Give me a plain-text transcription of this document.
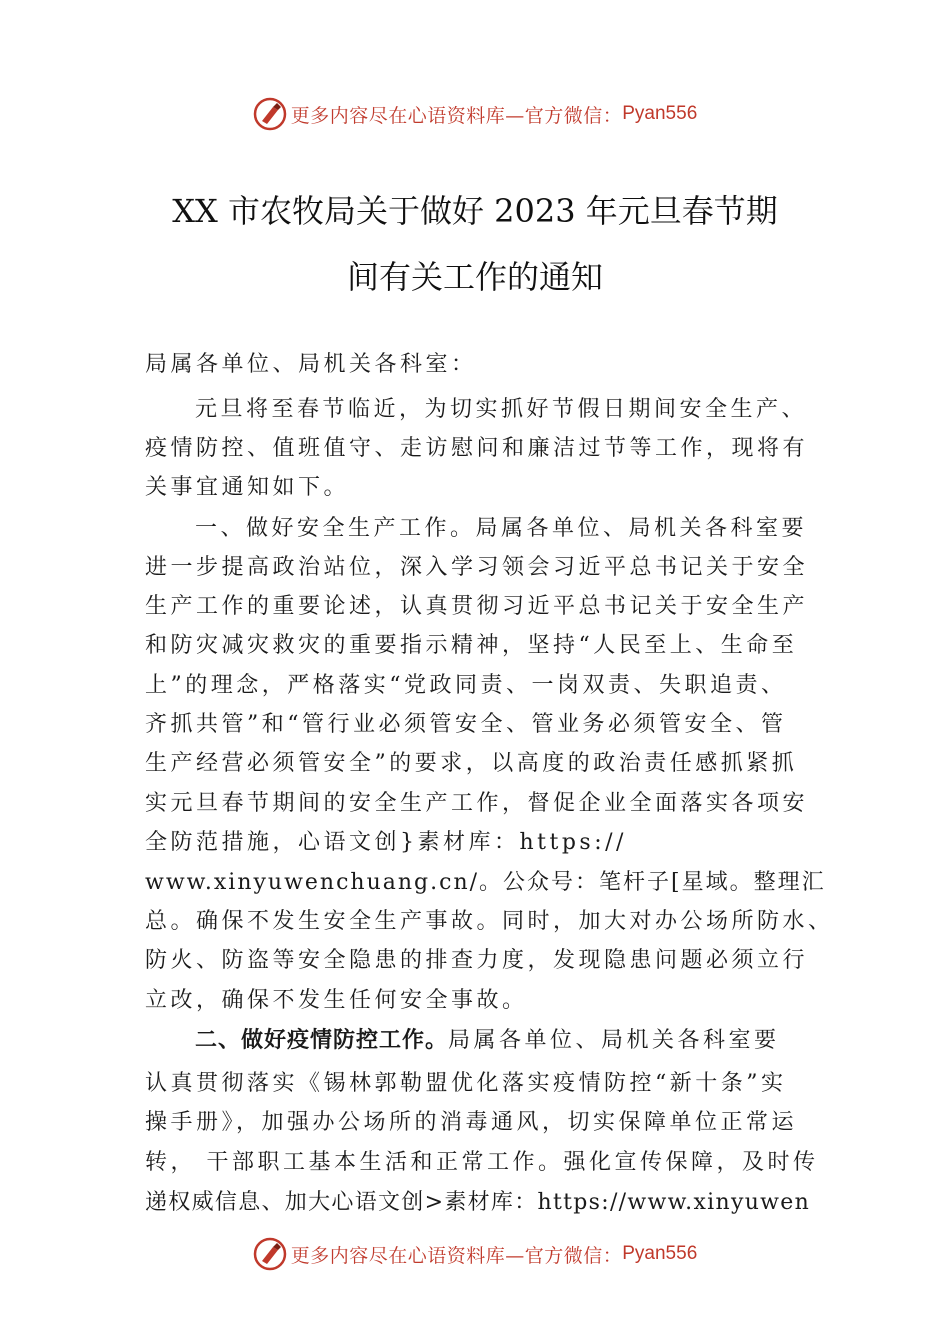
更多内容尽在心语资料库—官方微信： Pyan556
XX 市农牧局关于做好 2023 年元旦春节期
间有关工作的通知
局属各单位、局机关各科室：
元旦将至春节临近，为切实抓好节假日期间安全生产、
疫情防控、值班值守、走访慰问和廉洁过节等工作，现将有
关事宜通知如下。
一、做好安全生产工作。局属各单位、局机关各科室要
进一步提高政治站位，深入学习领会习近平总书记关于安全
生产工作的重要论述，认真贯彻习近平总书记关于安全生产
和防灾减灾救灾的重要指示精神，坚持“人民至上、生命至
上”的理念，严格落实“党政同责、一岗双责、失职追责、
齐抓共管”和“管行业必须管安全、管业务必须管安全、管
生产经营必须管安全”的要求，以高度的政治责任感抓紧抓
实元旦春节期间的安全生产工作，督促企业全面落实各项安
全防范措施，心语文创}素材库：https://
www.xinyuwenchuang.cn/。公众号：笔杆子[星域。整理汇
总。确保不发生安全生产事故。同时，加大对办公场所防水、
防火、防盗等安全隐患的排查力度，发现隐患问题必须立行
立改，确保不发生任何安全事故。
二、做好疫情防控工作。局属各单位、局机关各科室要
认真贯彻落实《锡林郭勒盟优化落实疫情防控“新十条”实
操手册》，加强办公场所的消毒通风，切实保障单位正常运
转， 干部职工基本生活和正常工作。强化宣传保障，及时传
递权威信息、加大心语文创>素材库：https://www.xinyuwen
更多内容尽在心语资料库—官方微信： Pyan556
